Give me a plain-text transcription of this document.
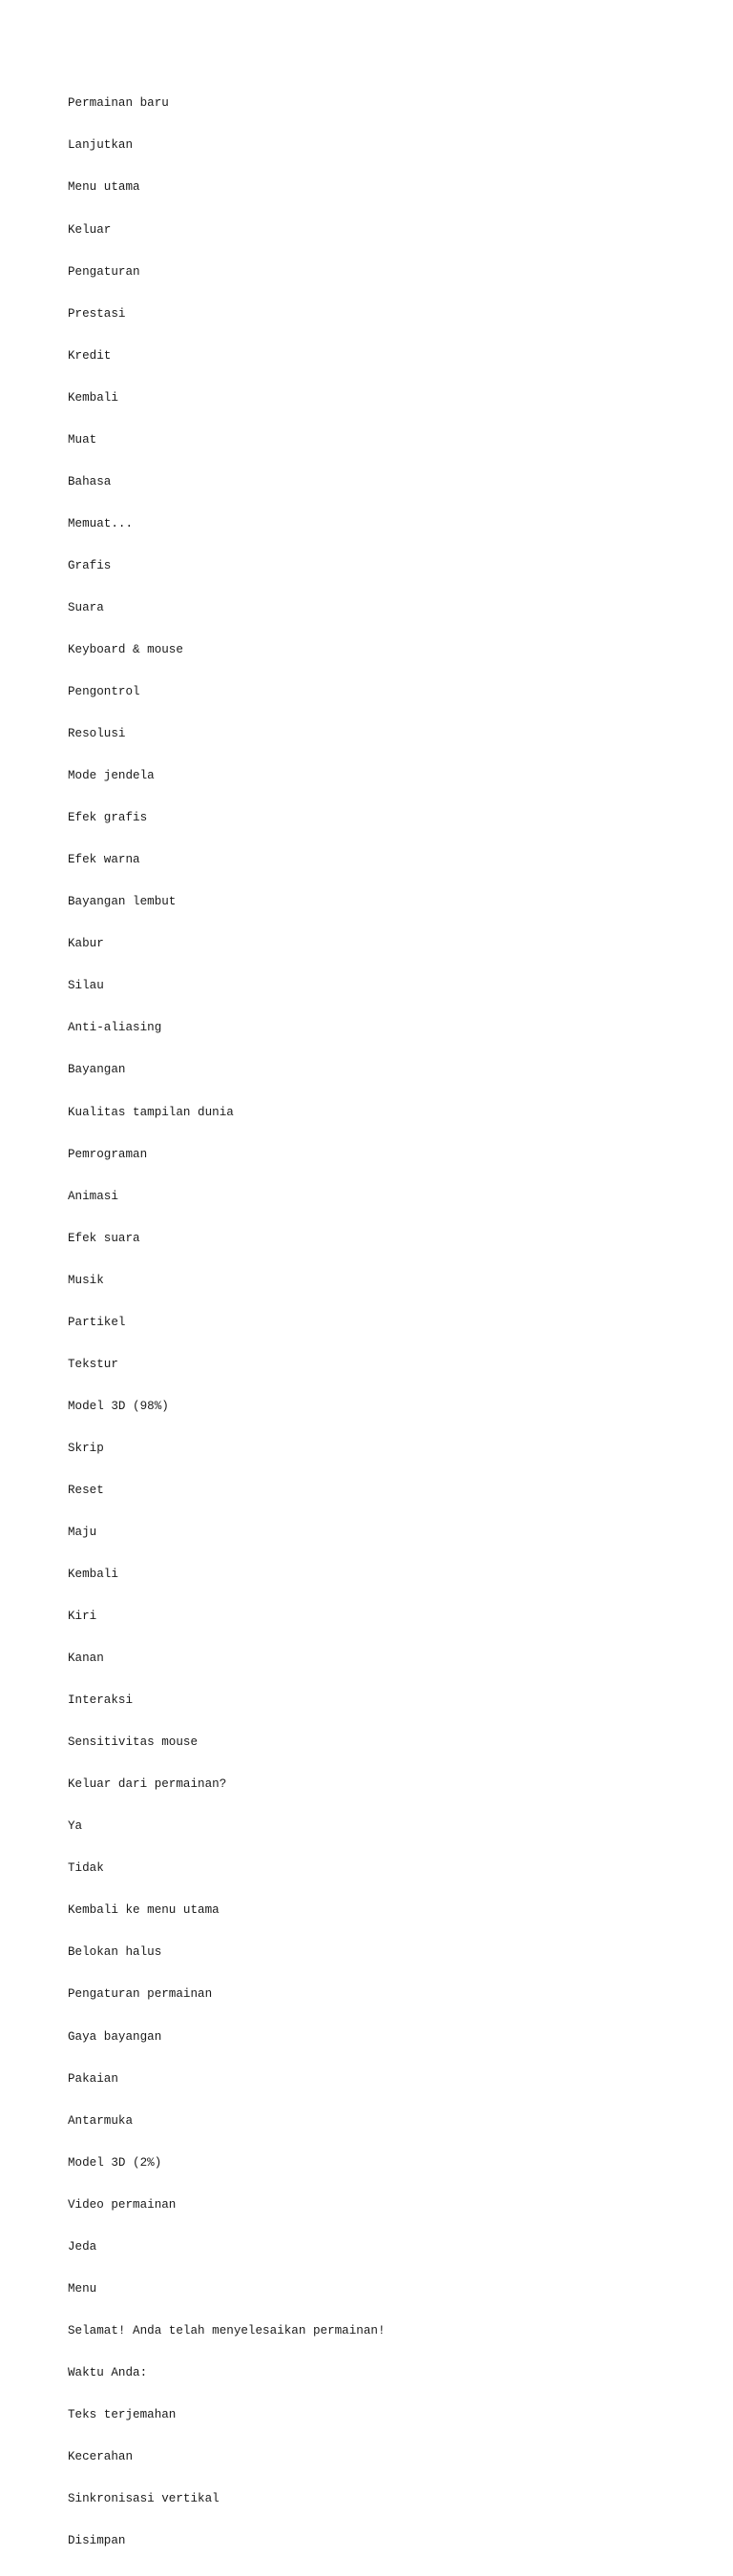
Permainan baru

Lanjutkan

Menu utama

Keluar

Pengaturan

Prestasi

Kredit

Kembali

Muat

Bahasa

Memuat...

Grafis

Suara

Keyboard & mouse

Pengontrol

Resolusi

Mode jendela

Efek grafis

Efek warna

Bayangan lembut

Kabur

Silau

Anti-aliasing

Bayangan

Kualitas tampilan dunia

Pemrograman

Animasi

Efek suara

Musik

Partikel

Tekstur

Model 3D (98%)

Skrip

Reset

Maju

Kembali

Kiri

Kanan

Interaksi

Sensitivitas mouse

Keluar dari permainan?

Ya

Tidak

Kembali ke menu utama

Belokan halus

Pengaturan permainan

Gaya bayangan

Pakaian

Antarmuka

Model 3D (2%)

Video permainan

Jeda

Menu

Selamat! Anda telah menyelesaikan permainan!

Waktu Anda:

Teks terjemahan

Kecerahan

Sinkronisasi vertikal

Disimpan
